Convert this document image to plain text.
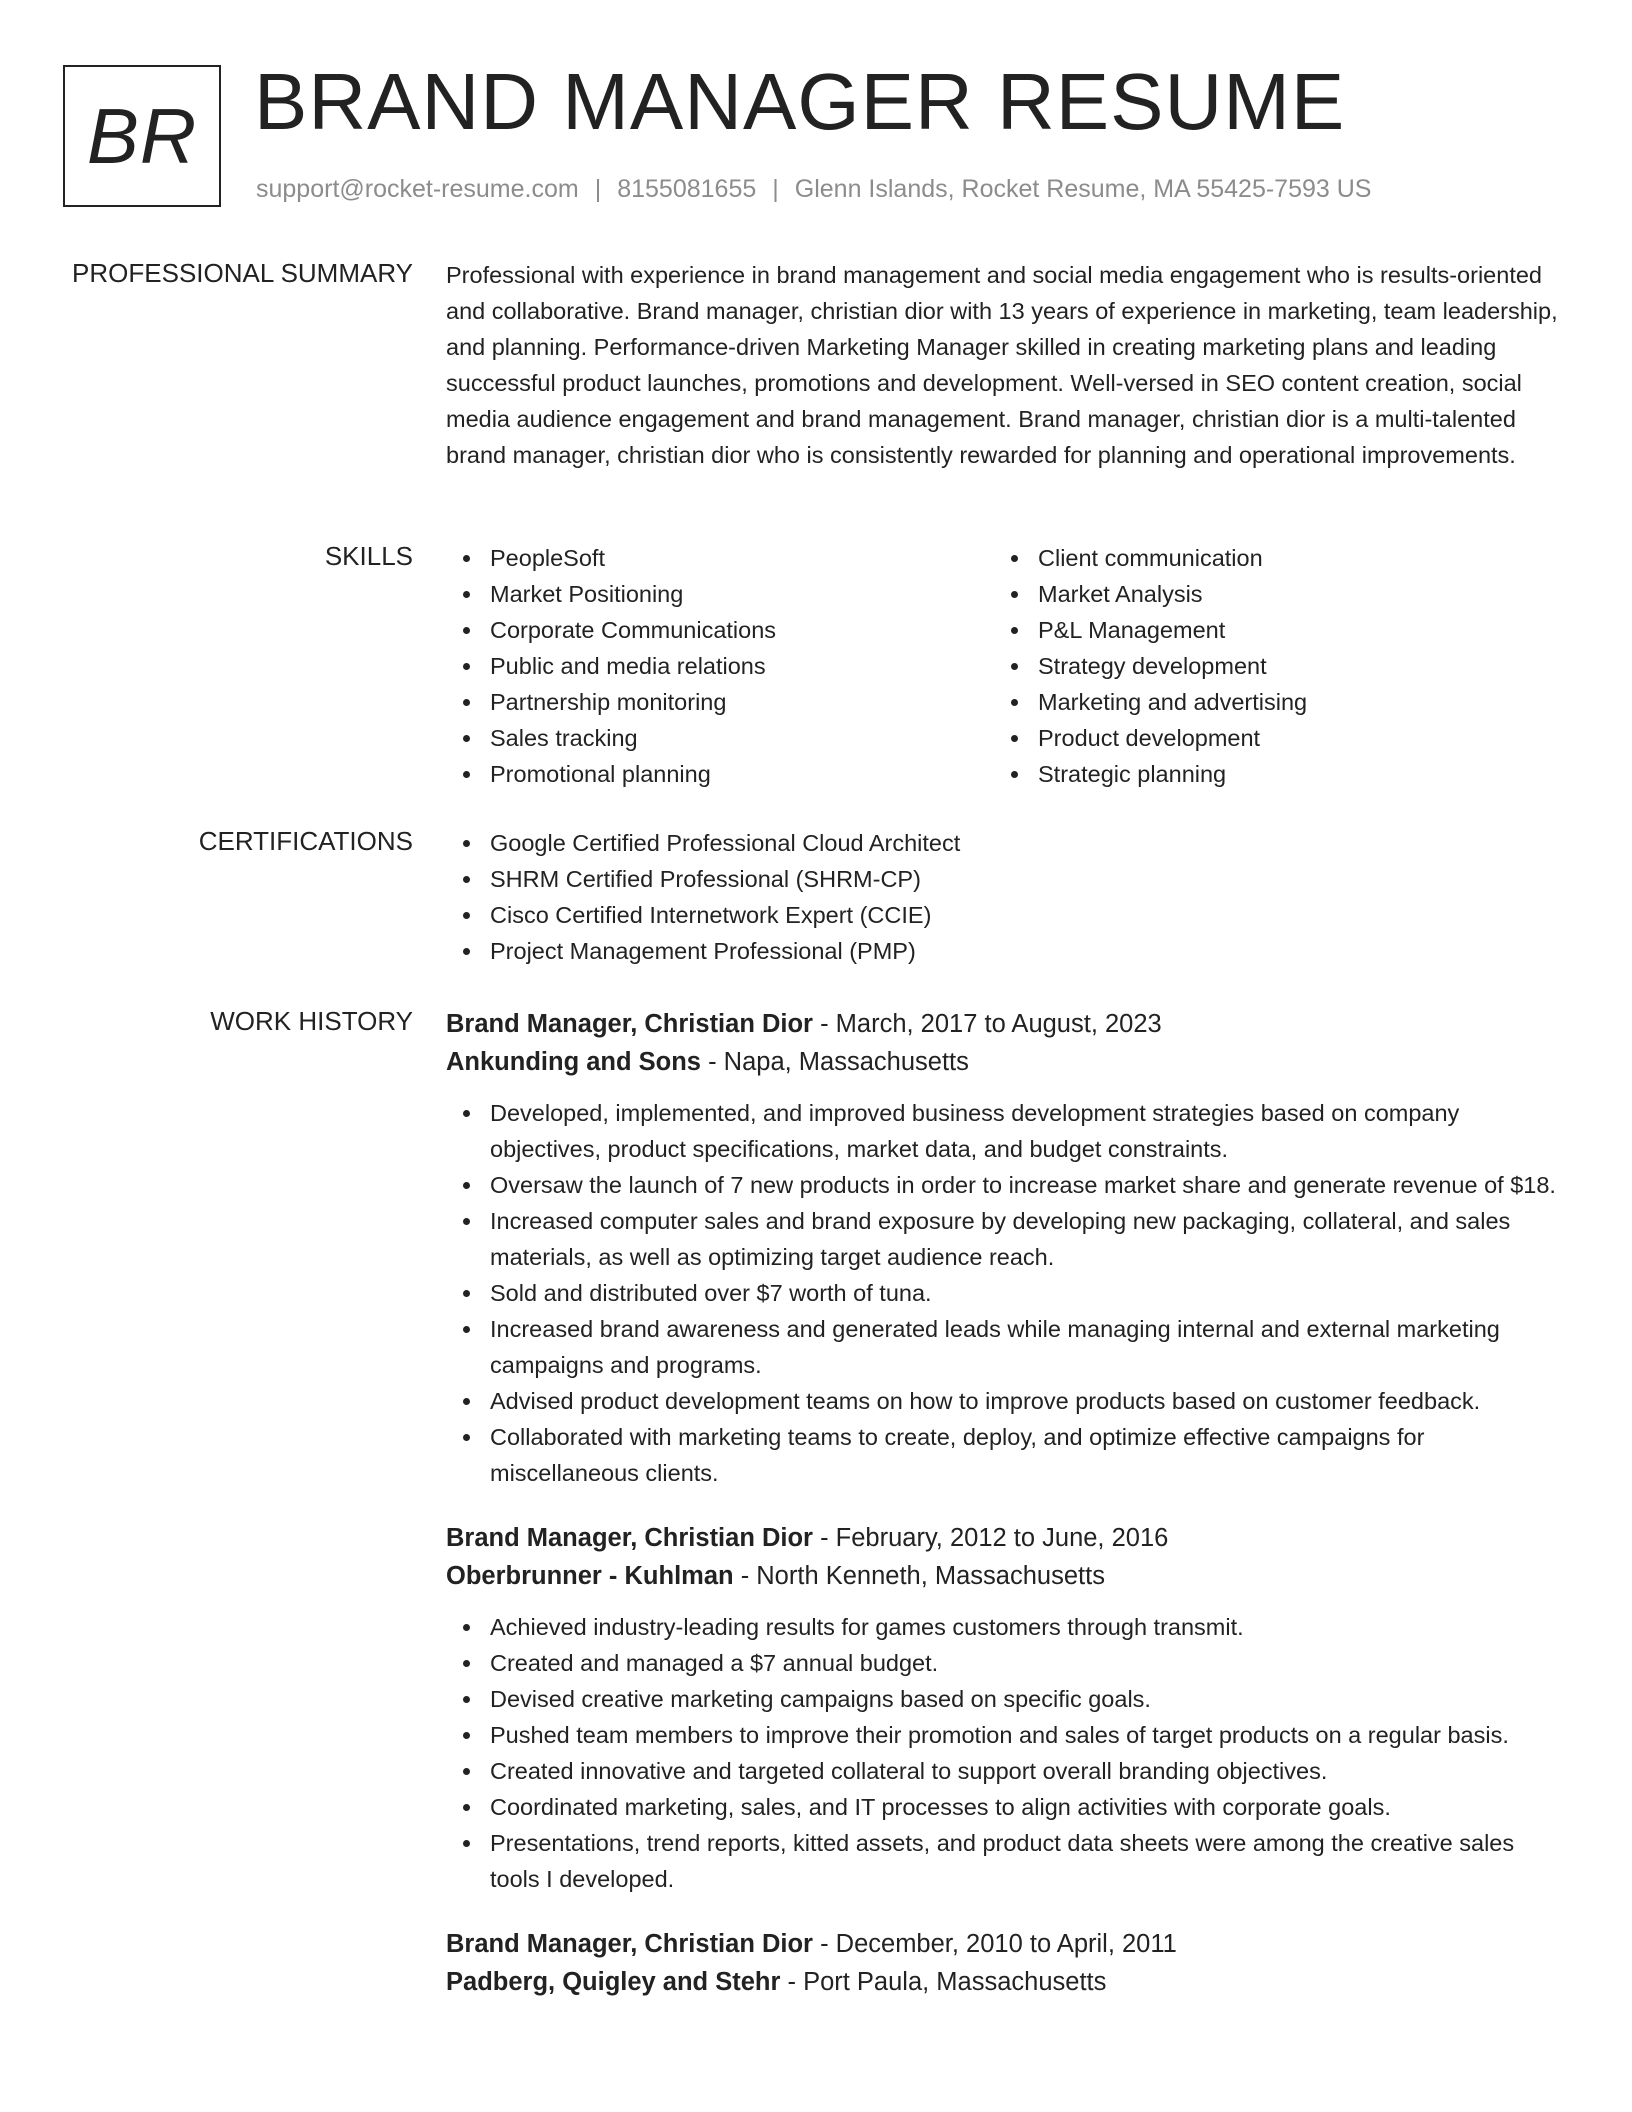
BR BRAND MANAGER RESUME
support@rocket-resume.com | 8155081655 | Glenn Islands, Rocket Resume, MA 55425-7593 US
PROFESSIONAL SUMMARY Professional with experience in brand management and social media engagement who is results-oriented and collaborative. Brand manager, christian dior with 13 years of experience in marketing, team leadership, and planning. Performance-driven Marketing Manager skilled in creating marketing plans and leading successful product launches, promotions and development. Well-versed in SEO content creation, social media audience engagement and brand management. Brand manager, christian dior is a multi-talented brand manager, christian dior who is consistently rewarded for planning and operational improvements.

SKILLS	PeopleSoft
Market Positioning
Corporate Communications
Public and media relations
Partnership monitoring
Sales tracking
Promotional planning
Client communication
Market Analysis
P&L Management
Strategy development
Marketing and advertising
Product development
Strategic planning
CERTIFICATIONS	Google Certified Professional Cloud Architect
SHRM Certified Professional (SHRM-CP)
Cisco Certified Internetwork Expert (CCIE)
Project Management Professional (PMP)
WORK HISTORY Brand Manager, Christian Dior - March, 2017 to August, 2023
Ankunding and Sons - Napa, Massachusetts
Developed, implemented, and improved business development strategies based on company objectives, product specifications, market data, and budget constraints.
Oversaw the launch of 7 new products in order to increase market share and generate revenue of $18.
Increased computer sales and brand exposure by developing new packaging, collateral, and sales materials, as well as optimizing target audience reach.
Sold and distributed over $7 worth of tuna.
Increased brand awareness and generated leads while managing internal and external marketing campaigns and programs.
Advised product development teams on how to improve products based on customer feedback.
Collaborated with marketing teams to create, deploy, and optimize effective campaigns for miscellaneous clients.
Brand Manager, Christian Dior - February, 2012 to June, 2016
Oberbrunner - Kuhlman - North Kenneth, Massachusetts
Achieved industry-leading results for games customers through transmit.
Created and managed a $7 annual budget.
Devised creative marketing campaigns based on specific goals.
Pushed team members to improve their promotion and sales of target products on a regular basis.
Created innovative and targeted collateral to support overall branding objectives.
Coordinated marketing, sales, and IT processes to align activities with corporate goals.
Presentations, trend reports, kitted assets, and product data sheets were among the creative sales tools I developed.
Brand Manager, Christian Dior - December, 2010 to April, 2011
Padberg, Quigley and Stehr - Port Paula, Massachusetts
